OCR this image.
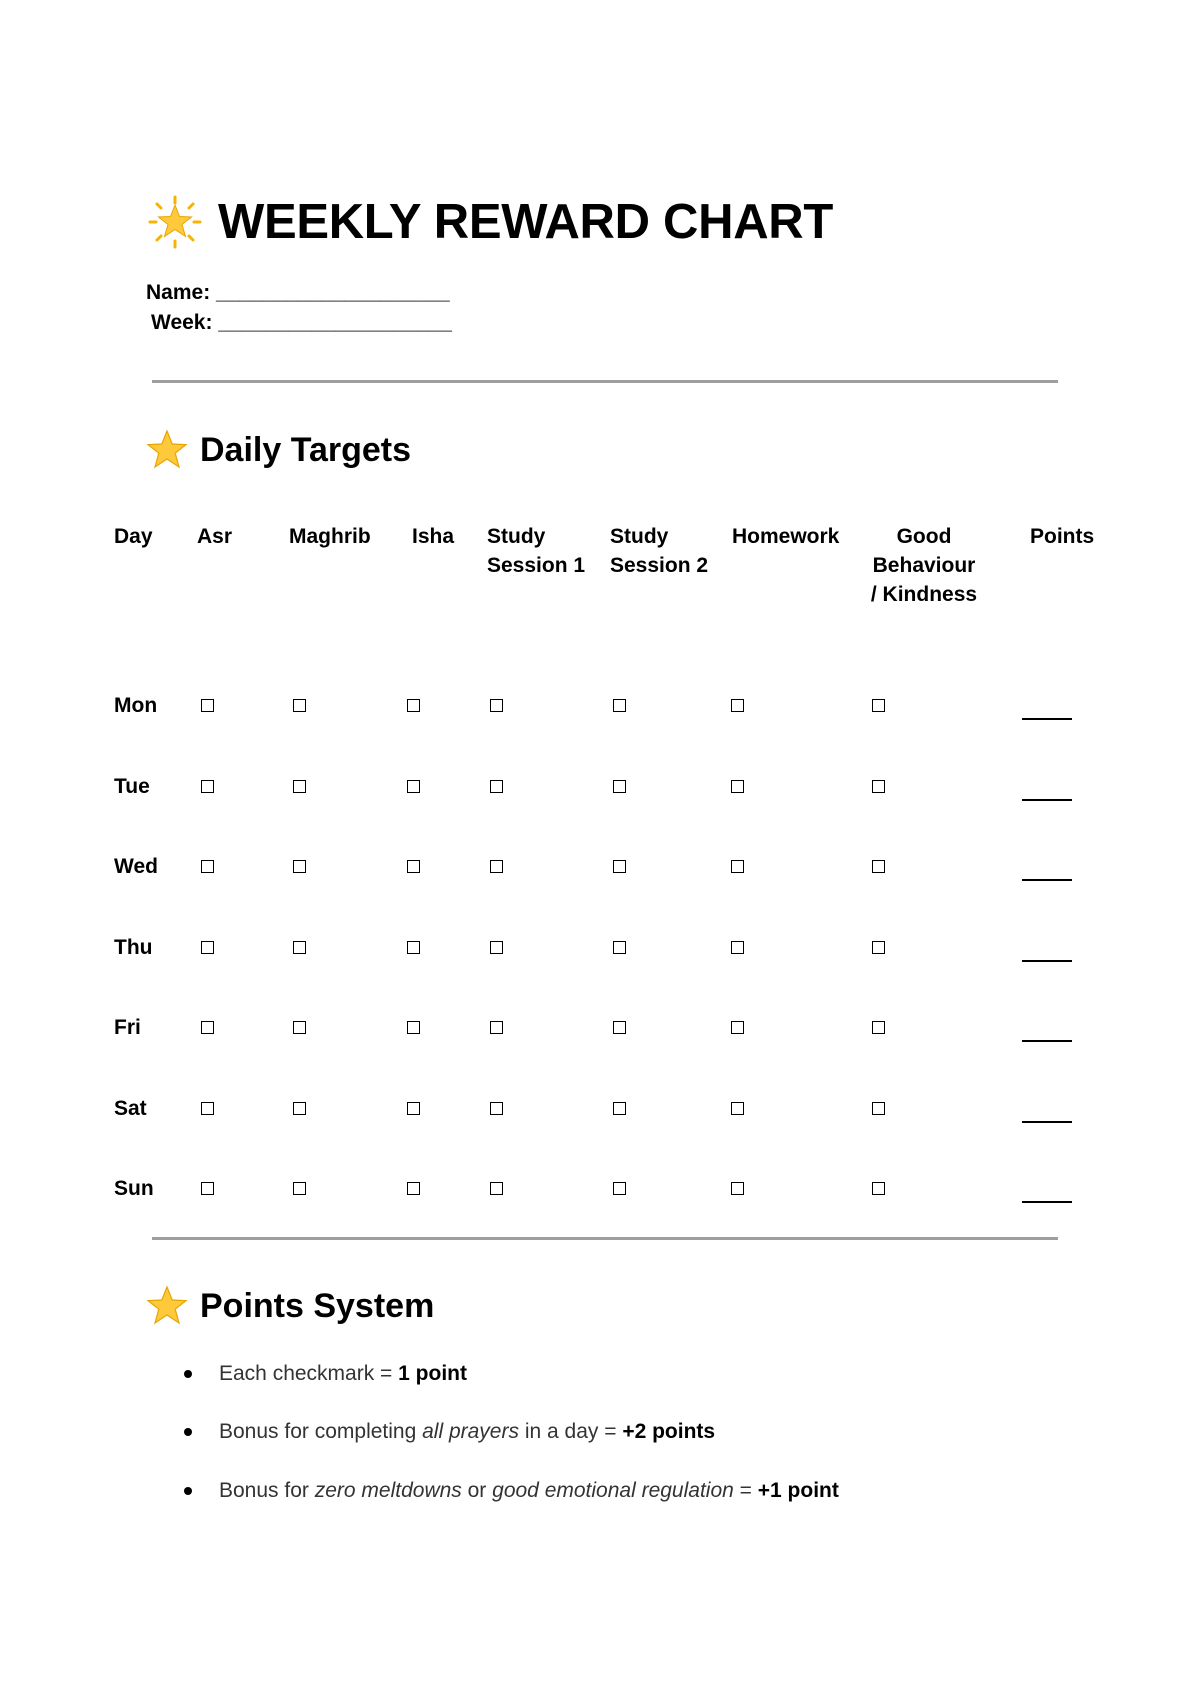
WEEKLY REWARD CHART
Name: ____________________
Week: ____________________
Daily Targets
Day Asr	Maghrib Isha Study Session 1
Study Session 2
Homework	Good Behaviour / Kindness
Points
Mon
Tue
Wed
Thu
Fri
Sat
Sun
Points System
Each checkmark = 1 point
Bonus for completing all prayers in a day = +2 points
Bonus for zero meltdowns or good emotional regulation = +1 point
